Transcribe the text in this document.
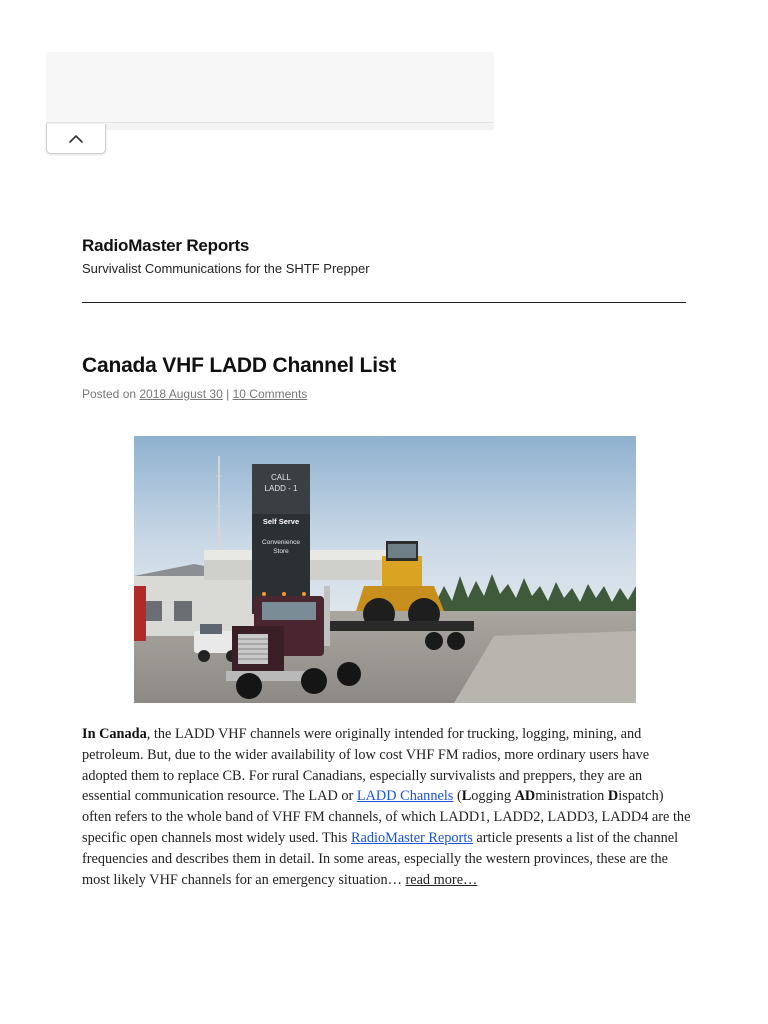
RadioMaster Reports
Survivalist Communications for the SHTF Prepper
Canada VHF LADD Channel List
Posted on 2018 August 30 | 10 Comments
CALL
LADD - 1
Self Serve
Convenience
Store

In Canada, the LADD VHF channels were originally intended for trucking, logging, mining, and petroleum. But, due to the wider availability of low cost VHF FM radios, more ordinary users have adopted them to replace CB. For rural Canadians, especially survivalists and preppers, they are an essential communication resource. The LAD or LADD Channels (Logging ADministration Dispatch) often refers to the whole band of VHF FM channels, of which LADD1, LADD2, LADD3, LADD4 are the specific open channels most widely used. This RadioMaster Reports article presents a list of the channel frequencies and describes them in detail. In some areas, especially the western provinces, these are the most likely VHF channels for an emergency situation… read more…
